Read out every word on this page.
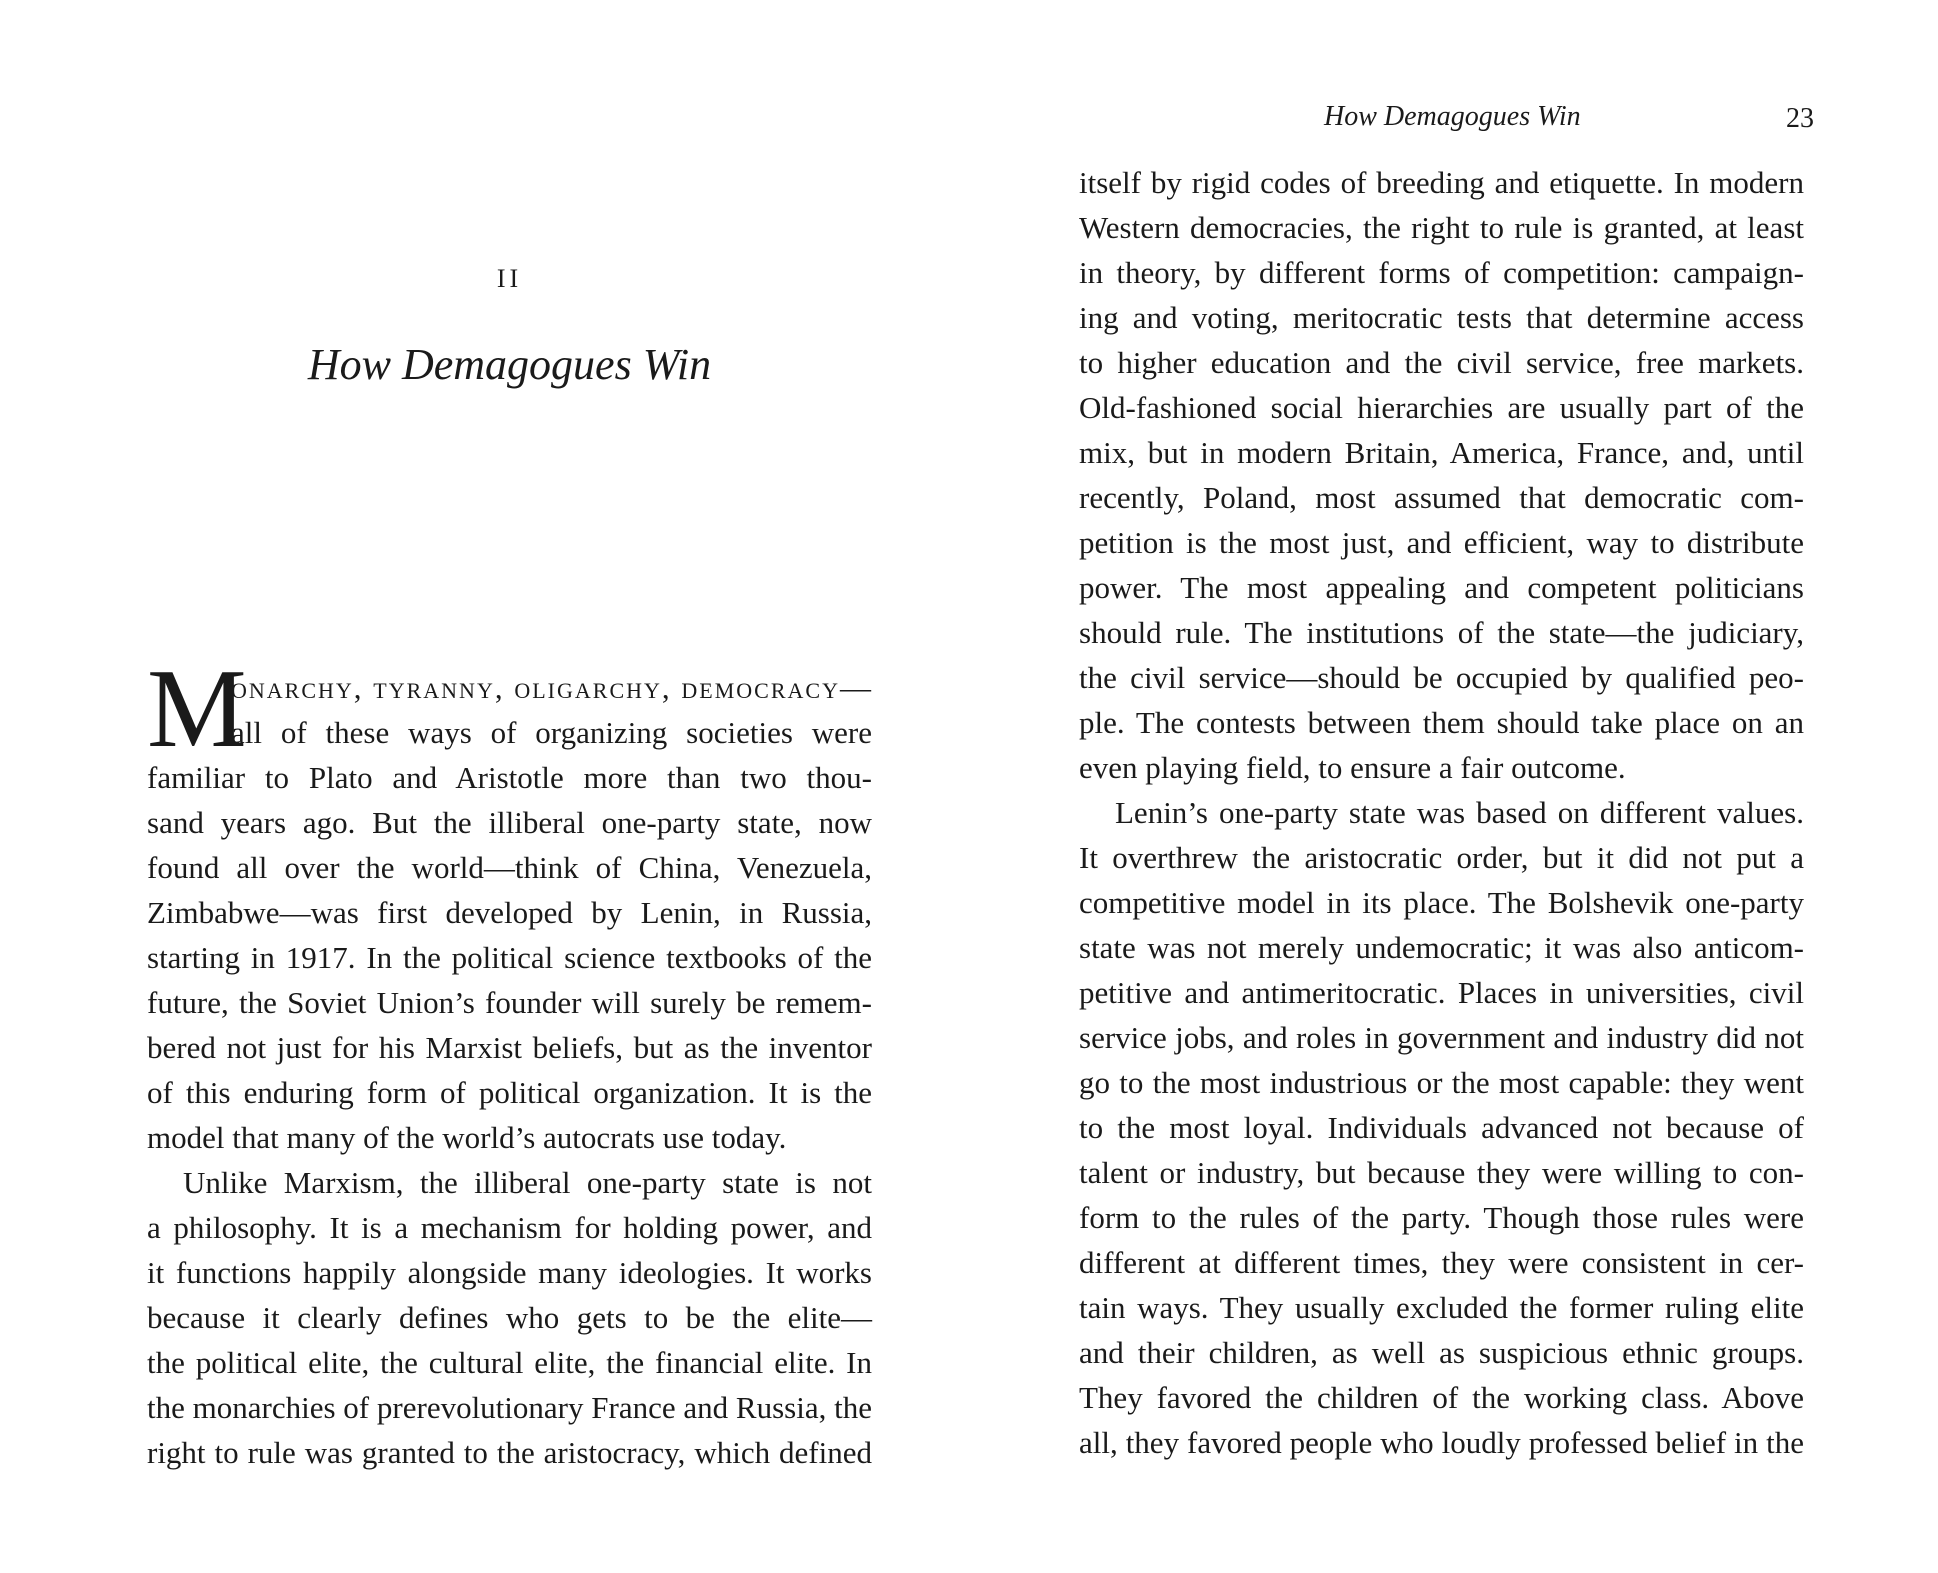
II
How Demagogues Win
M
onarchy, tyranny, oligarchy, democracy—
all of these ways of organizing societies were
familiar to Plato and Aristotle more than two thou-
sand years ago. But the illiberal one-party state, now
found all over the world—think of China, Venezuela,
Zimbabwe—was first developed by Lenin, in Russia,
starting in 1917. In the political science textbooks of the
future, the Soviet Union’s founder will surely be remem-
bered not just for his Marxist beliefs, but as the inventor
of this enduring form of political organization. It is the
model that many of the world’s autocrats use today.
Unlike Marxism, the illiberal one-party state is not
a philosophy. It is a mechanism for holding power, and
it functions happily alongside many ideologies. It works
because it clearly defines who gets to be the elite—
the political elite, the cultural elite, the financial elite. In
the monarchies of prerevolutionary France and Russia, the
right to rule was granted to the aristocracy, which defined
How Demagogues Win	23
itself by rigid codes of breeding and etiquette. In modern
Western democracies, the right to rule is granted, at least
in theory, by different forms of competition: campaign-
ing and voting, meritocratic tests that determine access
to higher education and the civil service, free markets.
Old-fashioned social hierarchies are usually part of the
mix, but in modern Britain, America, France, and, until
recently, Poland, most assumed that democratic com-
petition is the most just, and efficient, way to distribute
power. The most appealing and competent politicians
should rule. The institutions of the state—the judiciary,
the civil service—should be occupied by qualified peo-
ple. The contests between them should take place on an
even playing field, to ensure a fair outcome.
Lenin’s one-party state was based on different values.
It overthrew the aristocratic order, but it did not put a
competitive model in its place. The Bolshevik one-party
state was not merely undemocratic; it was also anticom-
petitive and antimeritocratic. Places in universities, civil
service jobs, and roles in government and industry did not
go to the most industrious or the most capable: they went
to the most loyal. Individuals advanced not because of
talent or industry, but because they were willing to con-
form to the rules of the party. Though those rules were
different at different times, they were consistent in cer-
tain ways. They usually excluded the former ruling elite
and their children, as well as suspicious ethnic groups.
They favored the children of the working class. Above
all, they favored people who loudly professed belief in the
